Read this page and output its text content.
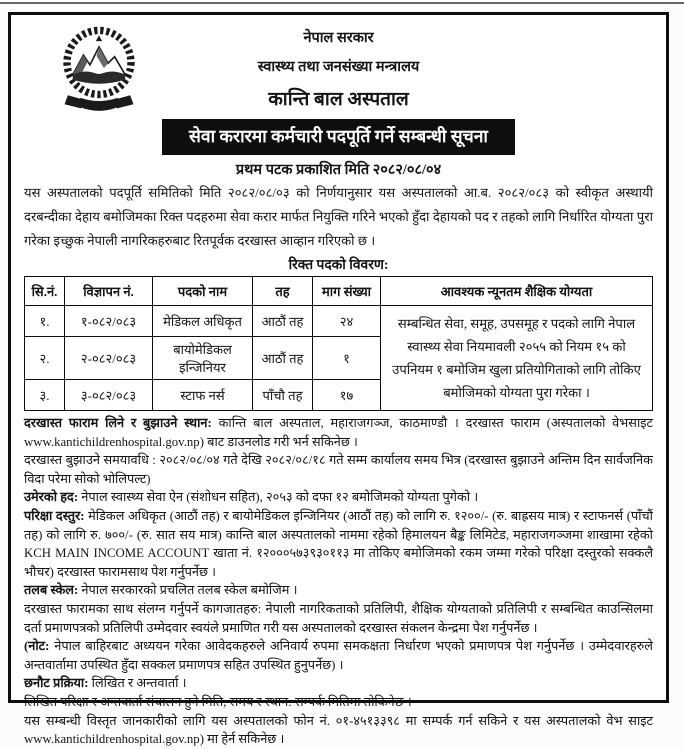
नेपाल सरकार
स्वास्थ्य तथा जनसंख्या मन्त्रालय
कान्ति बाल अस्पताल
सेवा करारमा कर्मचारी पदपूर्ति गर्ने सम्बन्धी सूचना
प्रथम पटक प्रकाशित मिति २०८२/०८/०४

यस अस्पतालको पदपूर्ति समितिको मिति २०८२/०८/०३ को निर्णयानुसार यस अस्पतालको आ.ब. २०८२/०८३ को स्वीकृत अस्थायी दरबन्दीका देहाय बमोजिमका रिक्त पदहरुमा सेवा करार मार्फत नियुक्ति गरिने भएको हुँदा देहायको पद र तहको लागि निर्धारित योग्यता पुरा गरेका इच्छुक नेपाली नागरिकहरुबाट रितपूर्वक दरखास्त आव्हान गरिएको छ ।

रिक्त पदको विवरण:
सि.नं.	विज्ञापन नं.	पदको नाम	तह	माग संख्या	आवश्यक न्यूनतम शैक्षिक योग्यता
१.	१-०८२/०८३	मेडिकल अधिकृत	आठौं तह	२४	सम्बन्धित सेवा, समूह, उपसमूह र पदको लागि नेपाल स्वास्थ्य सेवा नियमावली २०५५ को नियम १५ को उपनियम १ बमोजिम खुला प्रतियोगिताको लागि तोकिए बमोजिमको योग्यता पुरा गरेका ।
२.	२-०८२/०८३	बायोमेडिकल इन्जिनियर	आठौं तह	१	
३.	३-०८२/०८३	स्टाफ नर्स	पाँचौ तह	१७	
दरखास्त फाराम लिने र बुझाउने स्थान: कान्ति बाल अस्पताल, महाराजगञ्ज, काठमाण्डौ । दरखास्त फाराम (अस्पतालको वेभसाइट www.kantichildrenhospital.gov.np) बाट डाउनलोड गरी भर्न सकिनेछ ।
दरखास्त बुझाउने समयावधि : २०८२/०८/०४ गते देखि २०८२/०८/१८ गते सम्म कार्यालय समय भित्र (दरखास्त बुझाउने अन्तिम दिन सार्वजनिक विदा परेमा सोको भोलिपल्ट)
उमेरको हद: नेपाल स्वास्थ्य सेवा ऐन (संशोधन सहित), २०५३ को दफा १२ बमोजिमको योग्यता पुगेको ।
परिक्षा दस्तुर: मेडिकल अधिकृत (आठौं तह) र बायोमेडिकल इन्जिनियर (आठौं तह) को लागि रु. १२००/- (रु. बाह्रसय मात्र) र स्टाफनर्स (पाँचौं तह) को लागि रु. ७००/- (रु. सात सय मात्र) कान्ति बाल अस्पतालको नाममा रहेको हिमालयन बैङ्क लिमिटेड, महाराजगञ्जमा शाखामा रहेको KCH MAIN INCOME ACCOUNT खाता नं. १२०००५७३९३०११३ मा तोकिए बमोजिमको रकम जम्मा गरेको परिक्षा दस्तुरको सक्कलै भौचर) दरखास्त फारामसाथ पेश गर्नुपर्नेछ ।
तलब स्केल: नेपाल सरकारको प्रचलित तलब स्केल बमोजिम ।
दरखास्त फारामका साथ संलग्न गर्नुपर्ने कागजातहरु: नेपाली नागरिकताको प्रतिलिपी, शैक्षिक योग्यताको प्रतिलिपी र सम्बन्धित काउन्सिलमा दर्ता प्रमाणपत्रको प्रतिलिपी उम्मेदवार स्वयंले प्रमाणित गरी यस अस्पतालको दरखास्त संकलन केन्द्रमा पेश गर्नुपर्नेछ ।
(नोट: नेपाल बाहिरबाट अध्ययन गरेका आवेदकहरुले अनिवार्य रुपमा समकक्षता निर्धारण भएको प्रमाणपत्र पेश गर्नुपर्नेछ । उम्मेदवारहरुले अन्तवार्तामा उपस्थित हुँदा सक्कल प्रमाणपत्र सहित उपस्थित हुनुपर्नेछ) ।
छनौट प्रक्रिया: लिखित र अन्तवार्ता ।
लिखित परिक्षा र अन्तवार्ता संचालन हुने मिति, समय र स्थान: सम्पर्क मितिमा तोकिनेछ ।
यस सम्बन्धी विस्तृत जानकारीको लागि यस अस्पतालको फोन नं. ०१-४५१३३९८ मा सम्पर्क गर्न सकिने र यस अस्पतालको वेभ साइट www.kantichildrenhospital.gov.np) मा हेर्न सकिनेछ ।
